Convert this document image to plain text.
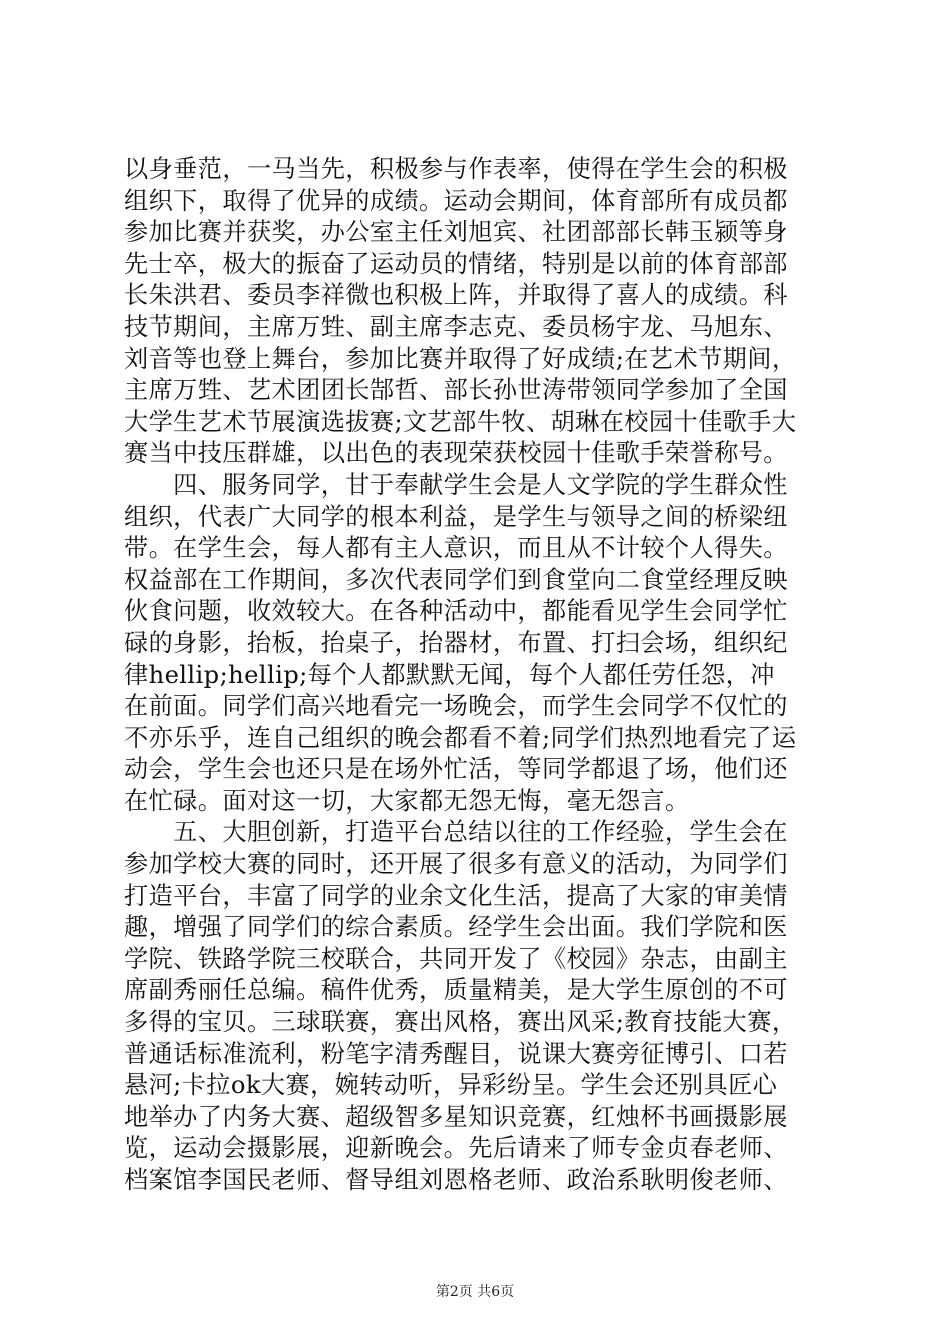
以身垂范，一马当先，积极参与作表率，使得在学生会的积极
组织下，取得了优异的成绩。运动会期间，体育部所有成员都
参加比赛并获奖，办公室主任刘旭宾、社团部部长韩玉颍等身
先士卒，极大的振奋了运动员的情绪，特别是以前的体育部部
长朱洪君、委员李祥微也积极上阵，并取得了喜人的成绩。科
技节期间，主席万甡、副主席李志克、委员杨宇龙、马旭东、
刘音等也登上舞台，参加比赛并取得了好成绩;在艺术节期间，
主席万甡、艺术团团长郜哲、部长孙世涛带领同学参加了全国
大学生艺术节展演选拔赛;文艺部牛牧、胡琳在校园十佳歌手大
赛当中技压群雄，以出色的表现荣获校园十佳歌手荣誉称号。
　　四、服务同学，甘于奉献学生会是人文学院的学生群众性
组织，代表广大同学的根本利益，是学生与领导之间的桥梁纽
带。在学生会，每人都有主人意识，而且从不计较个人得失。
权益部在工作期间，多次代表同学们到食堂向二食堂经理反映
伙食问题，收效较大。在各种活动中，都能看见学生会同学忙
碌的身影，抬板，抬桌子，抬器材，布置、打扫会场，组织纪
律hellip;hellip;每个人都默默无闻，每个人都任劳任怨，冲
在前面。同学们高兴地看完一场晚会，而学生会同学不仅忙的
不亦乐乎，连自己组织的晚会都看不着;同学们热烈地看完了运
动会，学生会也还只是在场外忙活，等同学都退了场，他们还
在忙碌。面对这一切，大家都无怨无悔，毫无怨言。
　　五、大胆创新，打造平台总结以往的工作经验，学生会在
参加学校大赛的同时，还开展了很多有意义的活动，为同学们
打造平台，丰富了同学的业余文化生活，提高了大家的审美情
趣，增强了同学们的综合素质。经学生会出面。我们学院和医
学院、铁路学院三校联合，共同开发了《校园》杂志，由副主
席副秀丽任总编。稿件优秀，质量精美，是大学生原创的不可
多得的宝贝。三球联赛，赛出风格，赛出风采;教育技能大赛，
普通话标准流利，粉笔字清秀醒目，说课大赛旁征博引、口若
悬河;卡拉ok大赛，婉转动听，异彩纷呈。学生会还别具匠心
地举办了内务大赛、超级智多星知识竞赛，红烛杯书画摄影展
览，运动会摄影展，迎新晚会。先后请来了师专金贞春老师、
档案馆李国民老师、督导组刘恩格老师、政治系耿明俊老师、
第2页 共6页
